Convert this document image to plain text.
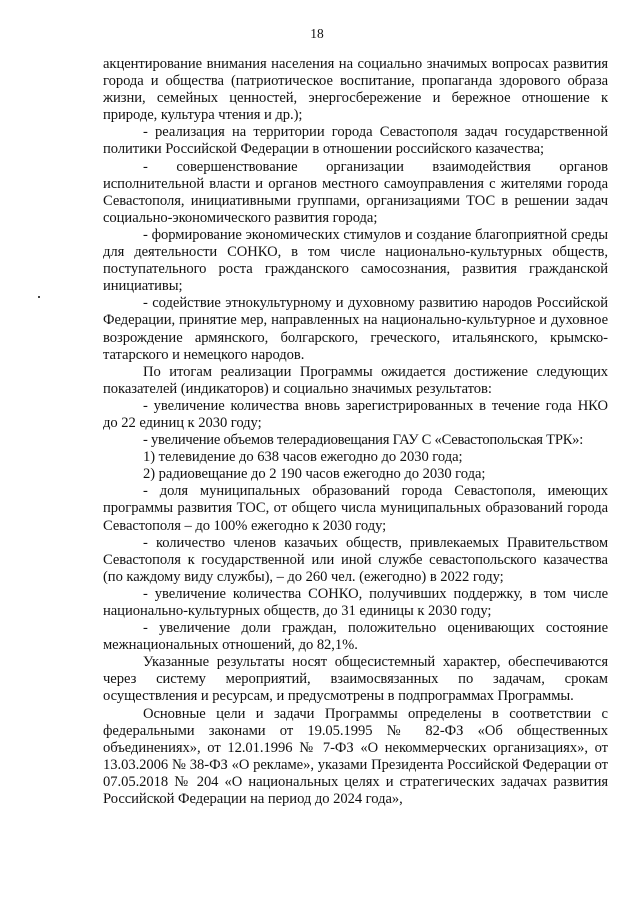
18

акцентирование внимания населения на социально значимых вопросах развития города и общества (патриотическое воспитание, пропаганда здорового образа жизни, семейных ценностей, энергосбережение и бережное отношение к природе, культура чтения и др.);

- реализация на территории города Севастополя задач государственной политики Российской Федерации в отношении российского казачества;

- совершенствование организации взаимодействия органов исполнительной власти и органов местного самоуправления с жителями города Севастополя, инициативными группами, организациями ТОС в решении задач социально-экономического развития города;

- формирование экономических стимулов и создание благоприятной среды для деятельности СОНКО, в том числе национально-культурных обществ, поступательного роста гражданского самосознания, развития гражданской инициативы;

- содействие этнокультурному и духовному развитию народов Российской Федерации, принятие мер, направленных на национально-культурное и духовное возрождение армянского, болгарского, греческого, итальянского, крымско-татарского и немецкого народов.

По итогам реализации Программы ожидается достижение следующих показателей (индикаторов) и социально значимых результатов:

- увеличение количества вновь зарегистрированных в течение года НКО до 22 единиц к 2030 году;

- увеличение объемов телерадиовещания ГАУ С «Севастопольская ТРК»:

1) телевидение до 638 часов ежегодно до 2030 года;

2) радиовещание до 2 190 часов ежегодно до 2030 года;

- доля муниципальных образований города Севастополя, имеющих программы развития ТОС, от общего числа муниципальных образований города Севастополя – до 100% ежегодно к 2030 году;

- количество членов казачьих обществ, привлекаемых Правительством Севастополя к государственной или иной службе севастопольского казачества (по каждому виду службы), – до 260 чел. (ежегодно) в 2022 году;

- увеличение количества СОНКО, получивших поддержку, в том числе национально-культурных обществ, до 31 единицы к 2030 году;

- увеличение доли граждан, положительно оценивающих состояние межнациональных отношений, до 82,1%.

Указанные результаты носят общесистемный характер, обеспечиваются через систему мероприятий, взаимосвязанных по задачам, срокам осуществления и ресурсам, и предусмотрены в подпрограммах Программы.

Основные цели и задачи Программы определены в соответствии с федеральными законами от 19.05.1995 № 82-ФЗ «Об общественных объединениях», от 12.01.1996 № 7-ФЗ «О некоммерческих организациях», от 13.03.2006 № 38-ФЗ «О рекламе», указами Президента Российской Федерации от 07.05.2018 № 204 «О национальных целях и стратегических задачах развития Российской Федерации на период до 2024 года»,
